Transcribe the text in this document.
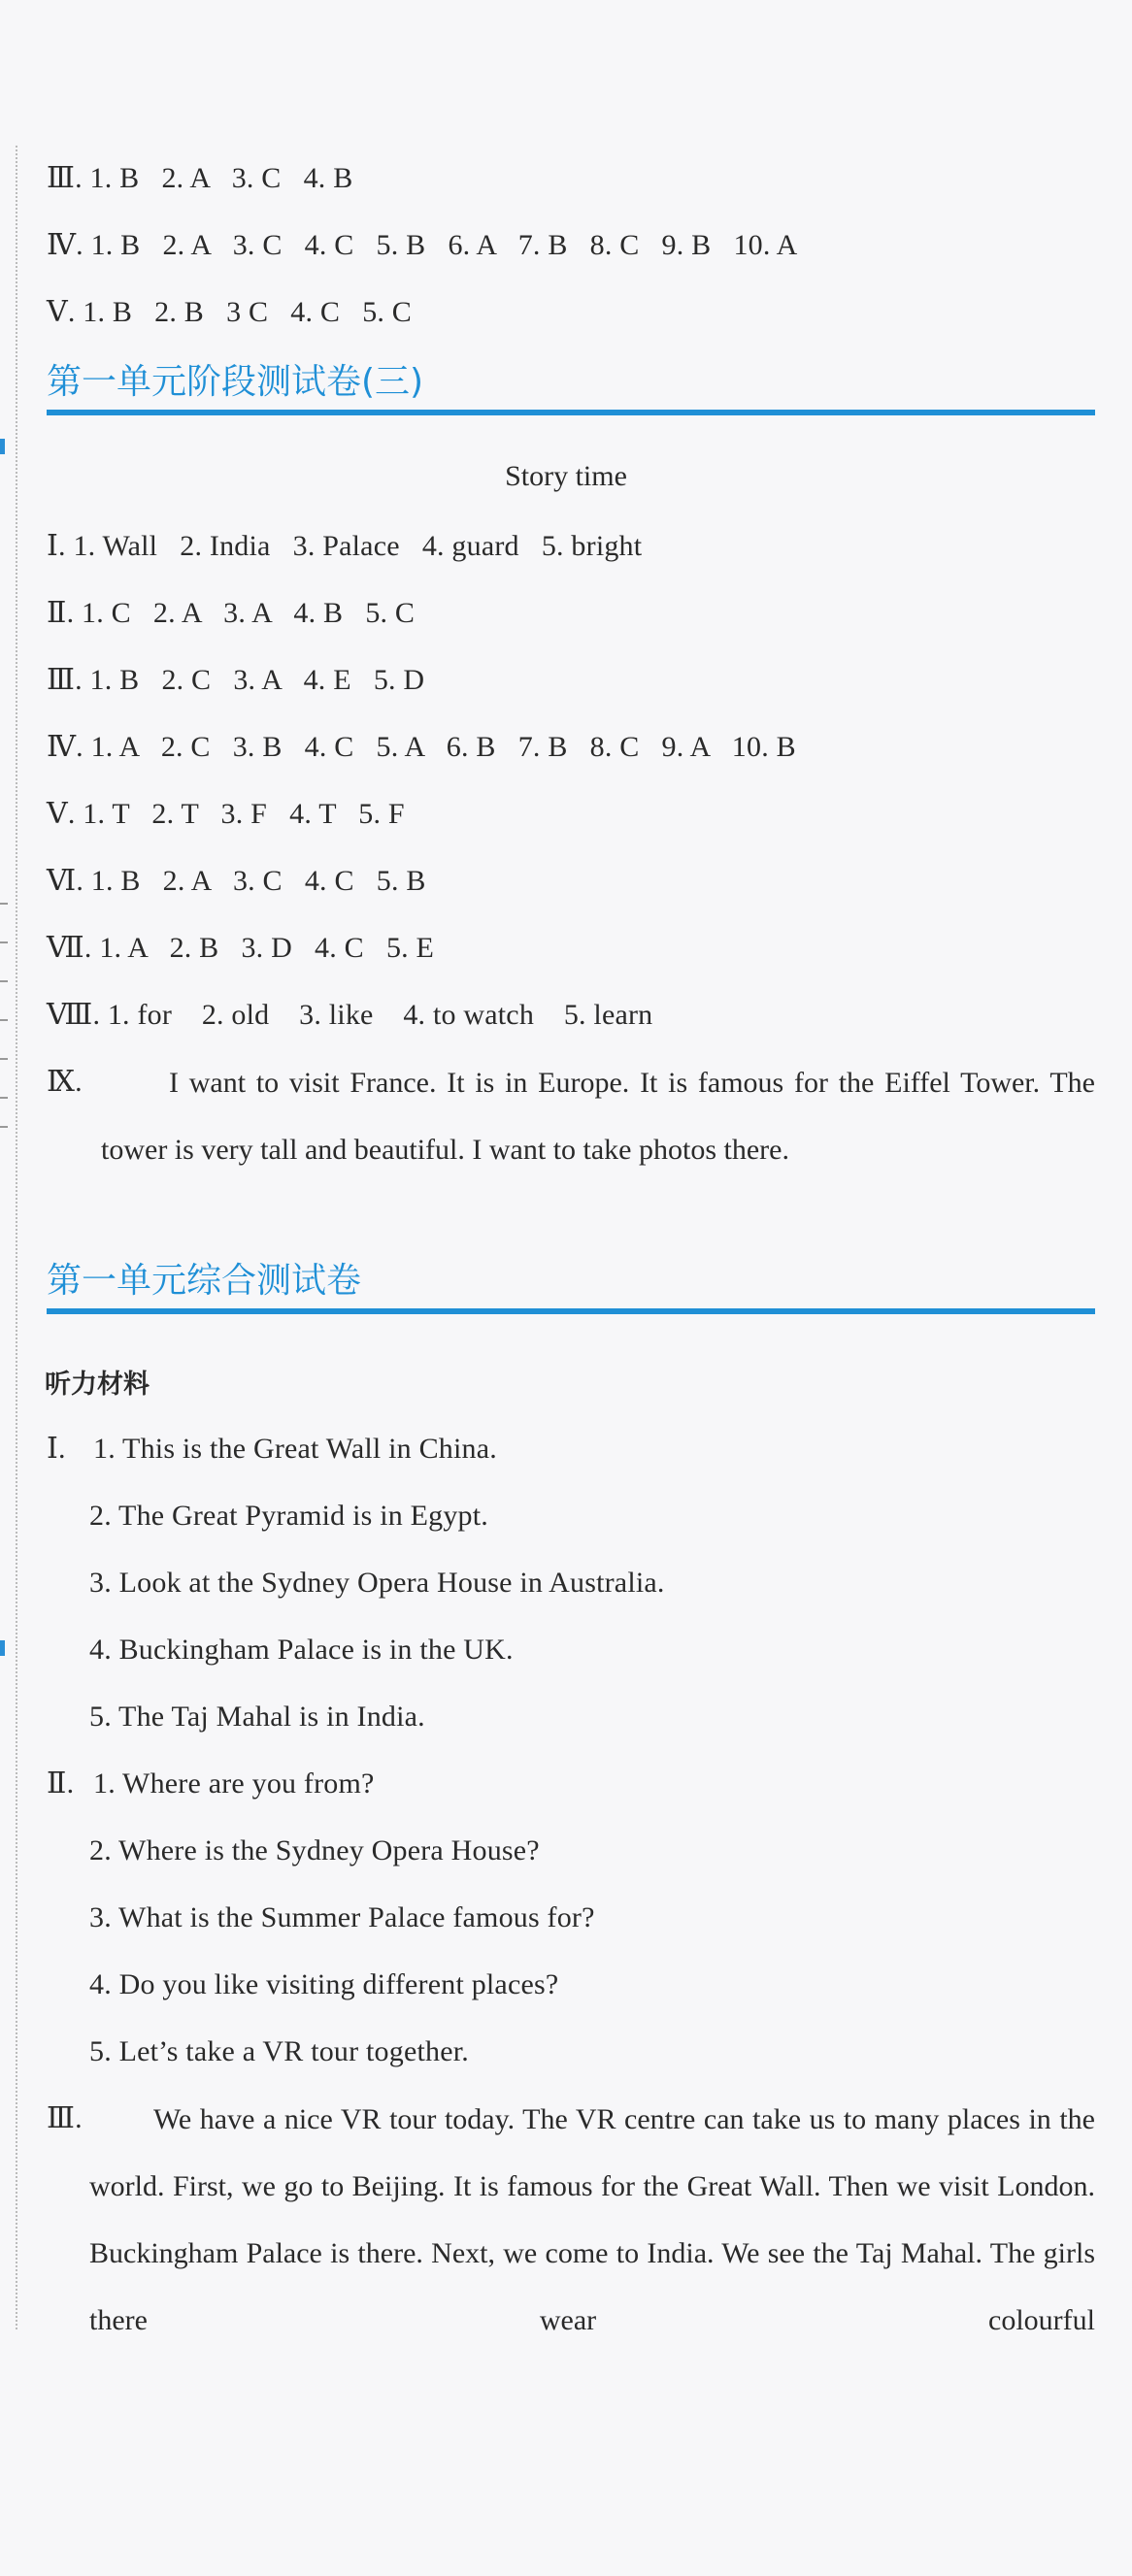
Ⅲ. 1. B   2. A   3. C   4. B
Ⅳ. 1. B   2. A   3. C   4. C   5. B   6. A   7. B   8. C   9. B   10. A
Ⅴ. 1. B   2. B   3 C   4. C   5. C
第一单元阶段测试卷(三)
Story time
Ⅰ. 1. Wall   2. India   3. Palace   4. guard   5. bright
Ⅱ. 1. C   2. A   3. A   4. B   5. C
Ⅲ. 1. B   2. C   3. A   4. E   5. D
Ⅳ. 1. A   2. C   3. B   4. C   5. A   6. B   7. B   8. C   9. A   10. B
Ⅴ. 1. T   2. T   3. F   4. T   5. F
Ⅵ. 1. B   2. A   3. C   4. C   5. B
Ⅶ. 1. A   2. B   3. D   4. C   5. E
Ⅷ. 1. for    2. old    3. like    4. to watch    5. learn
Ⅸ.	I want to visit France. It is in Europe. It is famous for the Eiffel Tower. The tower is very tall and beautiful. I want to take photos there.
第一单元综合测试卷
听力材料
Ⅰ. 1. This is the Great Wall in China.
2. The Great Pyramid is in Egypt.
3. Look at the Sydney Opera House in Australia.
4. Buckingham Palace is in the UK.
5. The Taj Mahal is in India.
Ⅱ. 1. Where are you from?
2. Where is the Sydney Opera House?
3. What is the Summer Palace famous for?
4. Do you like visiting different places?
5. Let’s take a VR tour together.
Ⅲ.	We have a nice VR tour today. The VR centre can take us to many places in the world. First, we go to Beijing. It is famous for the Great Wall. Then we visit London. Buckingham Palace is there. Next, we come to India. We see the Taj Mahal. The girls there wear colourful
